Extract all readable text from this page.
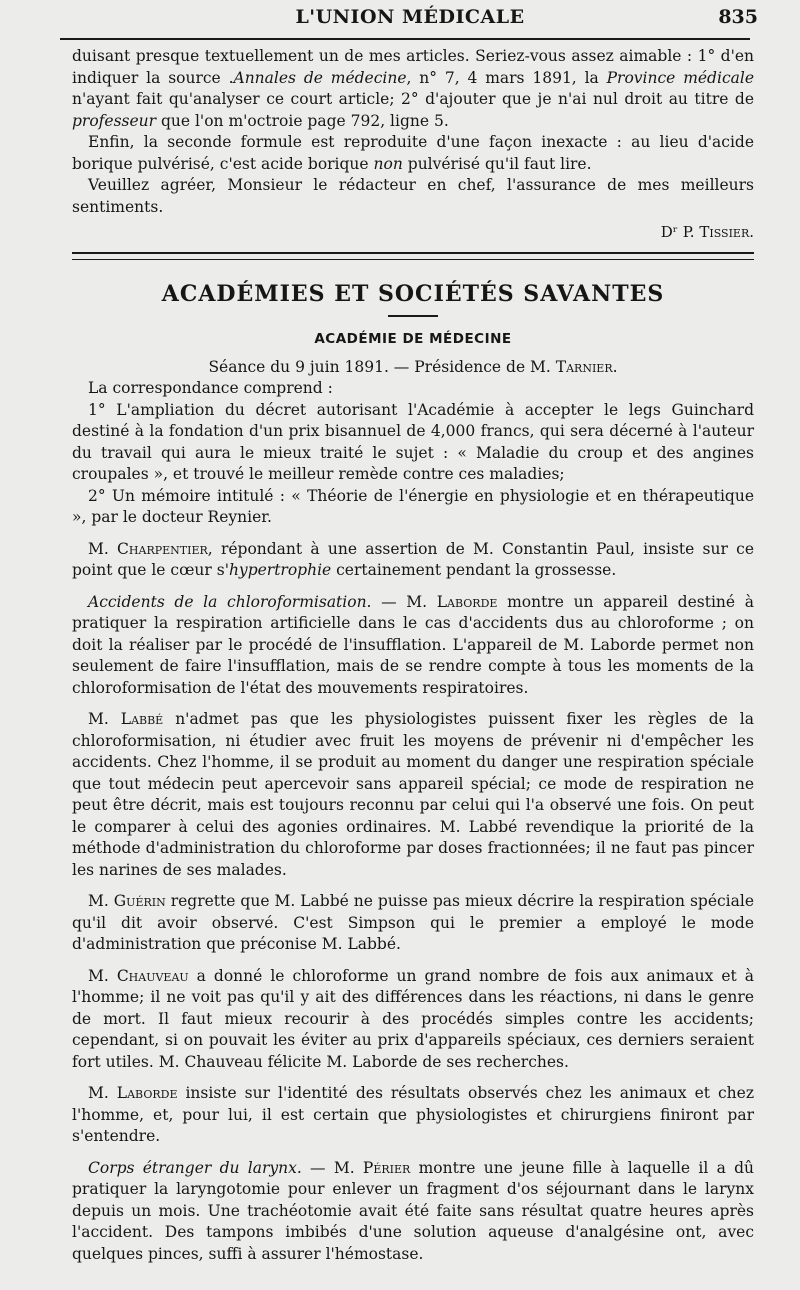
L'UNION MÉDICALE	835

duisant presque textuellement un de mes articles. Seriez-vous assez aimable : 1° d'en indiquer la source .Annales de médecine, n° 7, 4 mars 1891, la Province médicale n'ayant fait qu'analyser ce court article; 2° d'ajouter que je n'ai nul droit au titre de professeur que l'on m'octroie page 792, ligne 5.

Enfin, la seconde formule est reproduite d'une façon inexacte : au lieu d'acide borique pulvérisé, c'est acide borique non pulvérisé qu'il faut lire.

Veuillez agréer, Monsieur le rédacteur en chef, l'assurance de mes meilleurs sentiments.

Dʳ P. Tissier.

ACADÉMIES ET SOCIÉTÉS SAVANTES

ACADÉMIE DE MÉDECINE

Séance du 9 juin 1891. — Présidence de M. Tarnier.

La correspondance comprend :

1° L'ampliation du décret autorisant l'Académie à accepter le legs Guinchard destiné à la fondation d'un prix bisannuel de 4,000 francs, qui sera décerné à l'auteur du travail qui aura le mieux traité le sujet : « Maladie du croup et des angines croupales », et trouvé le meilleur remède contre ces maladies;

2° Un mémoire intitulé : « Théorie de l'énergie en physiologie et en thérapeutique », par le docteur Reynier.

M. Charpentier, répondant à une assertion de M. Constantin Paul, insiste sur ce point que le cœur s'hypertrophie certainement pendant la grossesse.

Accidents de la chloroformisation. — M. Laborde montre un appareil destiné à pratiquer la respiration artificielle dans le cas d'accidents dus au chloroforme ; on doit la réaliser par le procédé de l'insufflation. L'appareil de M. Laborde permet non seulement de faire l'insufflation, mais de se rendre compte à tous les moments de la chloroformisation de l'état des mouvements respiratoires.

M. Labbé n'admet pas que les physiologistes puissent fixer les règles de la chloroformisation, ni étudier avec fruit les moyens de prévenir ni d'empêcher les accidents. Chez l'homme, il se produit au moment du danger une respiration spéciale que tout médecin peut apercevoir sans appareil spécial; ce mode de respiration ne peut être décrit, mais est toujours reconnu par celui qui l'a observé une fois. On peut le comparer à celui des agonies ordinaires. M. Labbé revendique la priorité de la méthode d'administration du chloroforme par doses fractionnées; il ne faut pas pincer les narines de ses malades.

M. Guérin regrette que M. Labbé ne puisse pas mieux décrire la respiration spéciale qu'il dit avoir observé. C'est Simpson qui le premier a employé le mode d'administration que préconise M. Labbé.

M. Chauveau a donné le chloroforme un grand nombre de fois aux animaux et à l'homme; il ne voit pas qu'il y ait des différences dans les réactions, ni dans le genre de mort. Il faut mieux recourir à des procédés simples contre les accidents; cependant, si on pouvait les éviter au prix d'appareils spéciaux, ces derniers seraient fort utiles. M. Chauveau félicite M. Laborde de ses recherches.

M. Laborde insiste sur l'identité des résultats observés chez les animaux et chez l'homme, et, pour lui, il est certain que physiologistes et chirurgiens finiront par s'entendre.

Corps étranger du larynx. — M. Périer montre une jeune fille à laquelle il a dû pratiquer la laryngotomie pour enlever un fragment d'os séjournant dans le larynx depuis un mois. Une trachéotomie avait été faite sans résultat quatre heures après l'accident. Des tampons imbibés d'une solution aqueuse d'analgésine ont, avec quelques pinces, suffi à assurer l'hémostase.
